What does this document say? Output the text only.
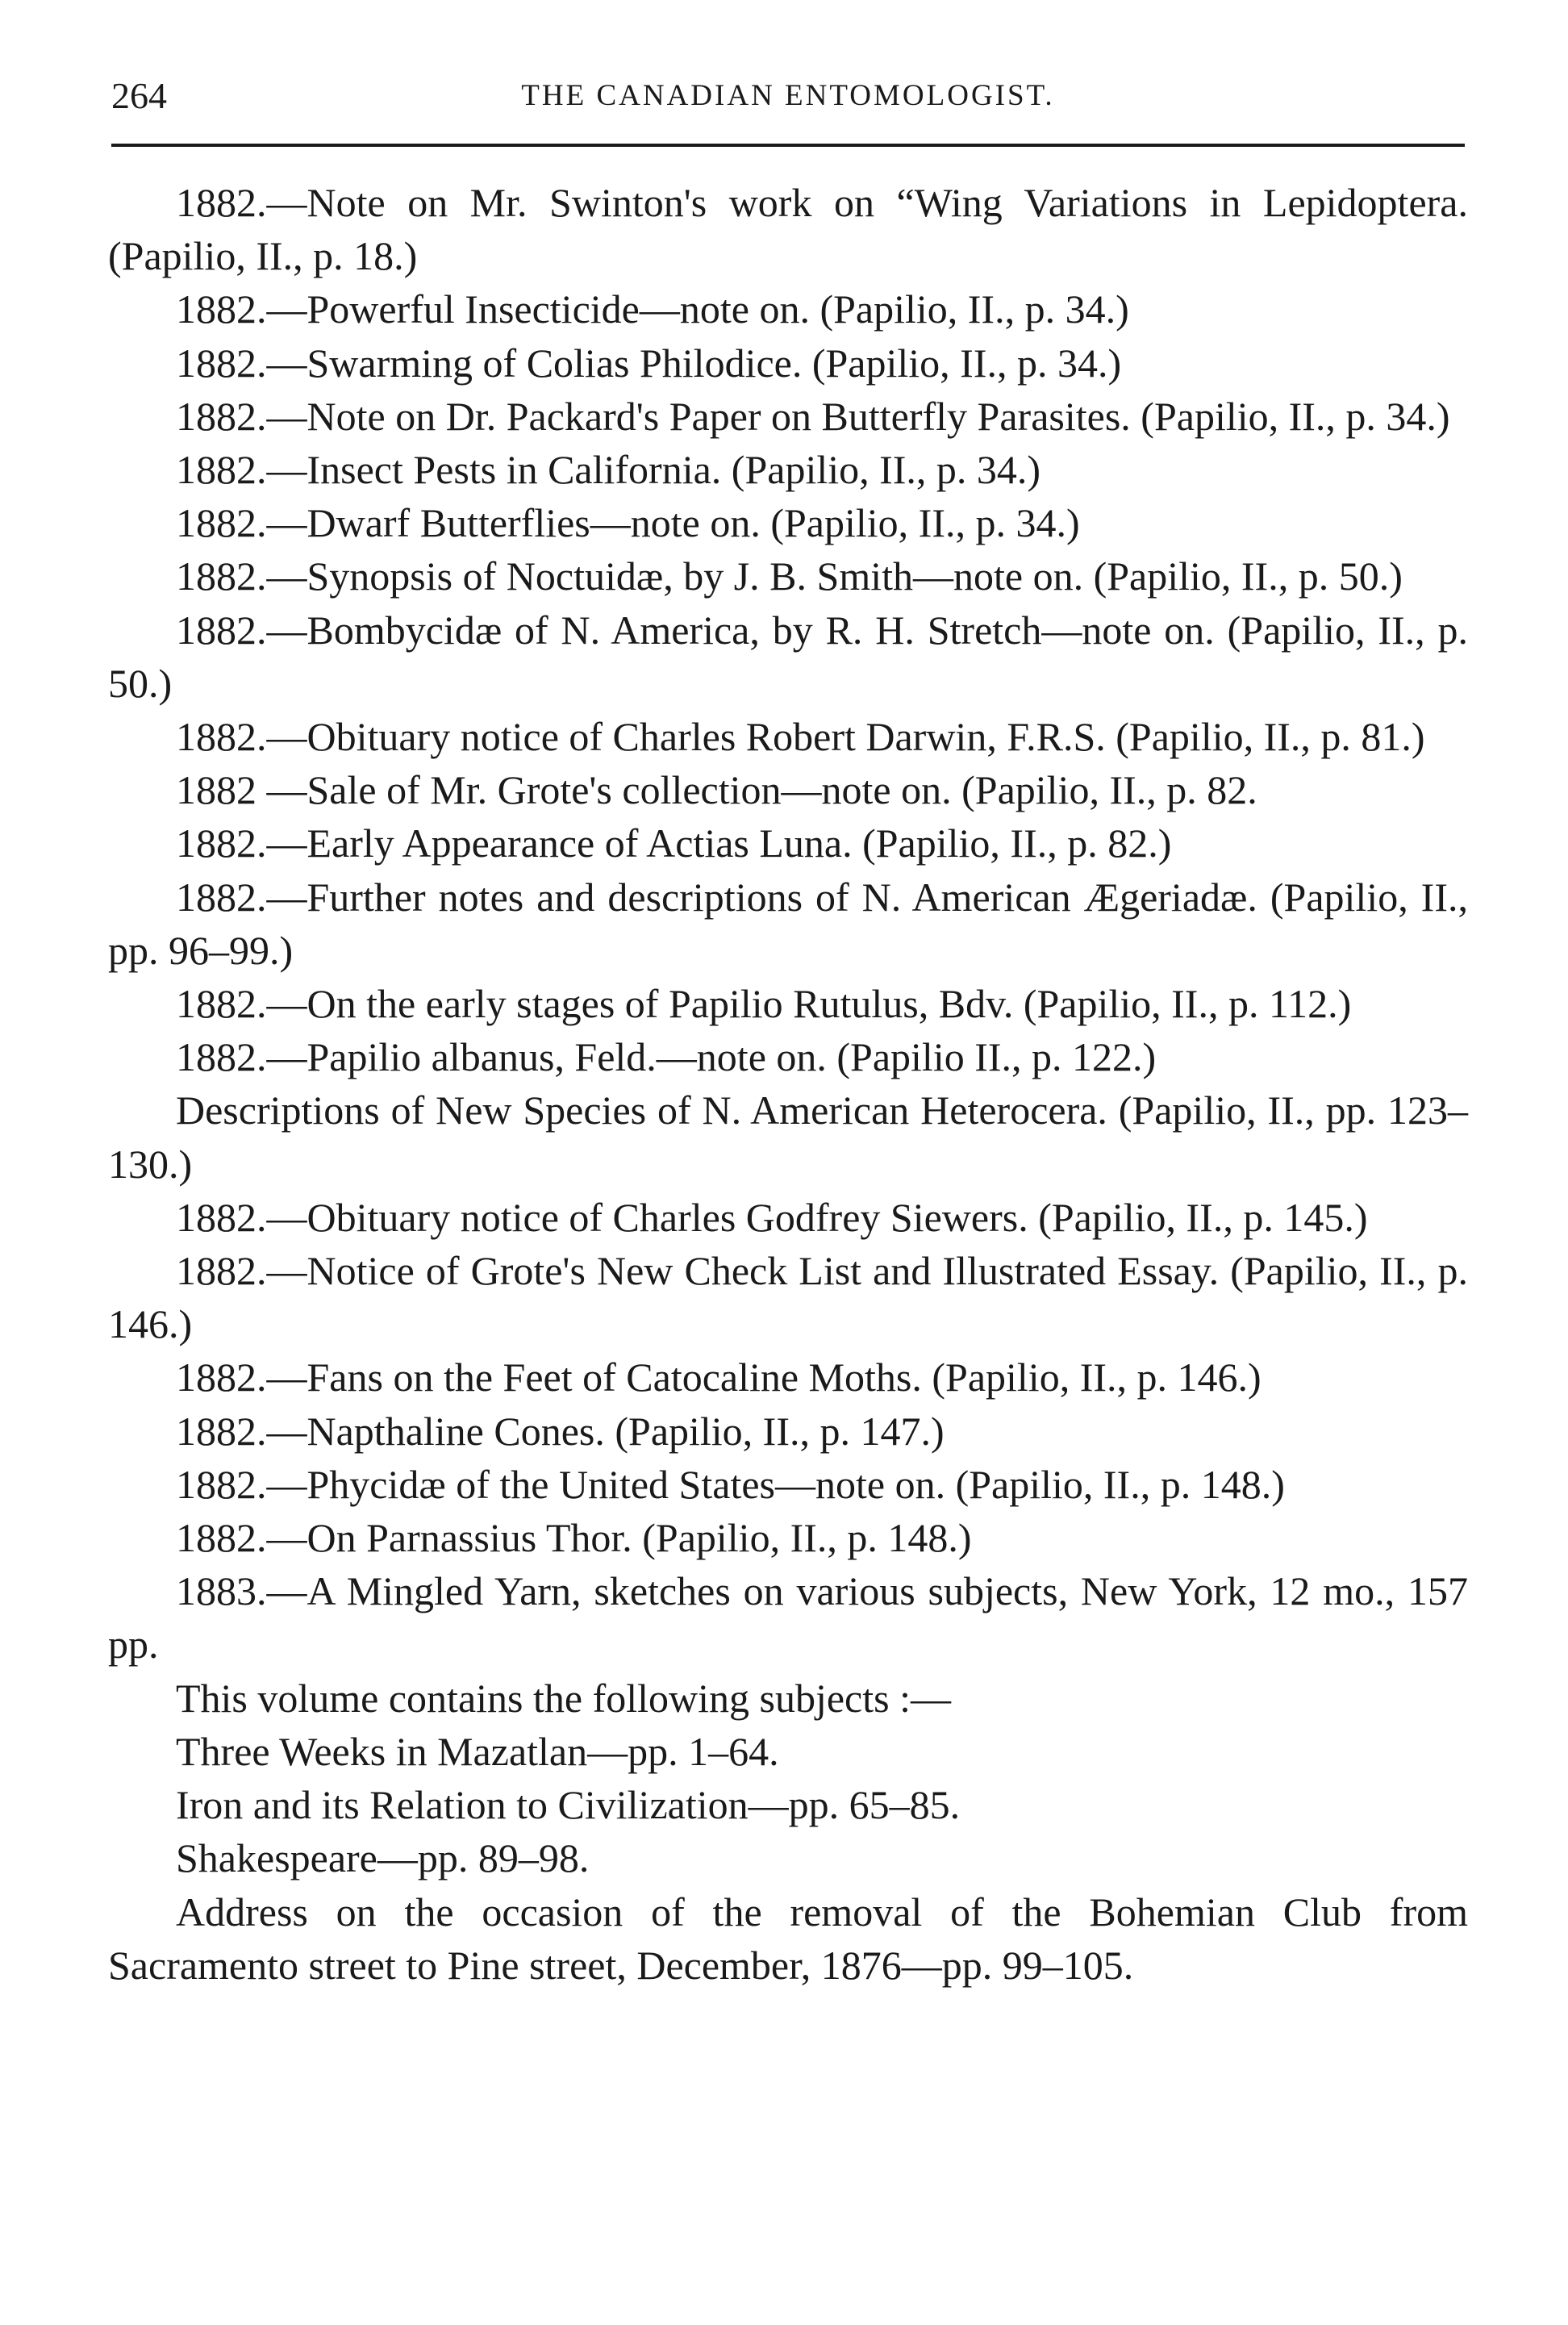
264	THE CANADIAN ENTOMOLOGIST.

1882.—Note on Mr. Swinton's work on “Wing Variations in Lepidoptera. (Papilio, II., p. 18.)

1882.—Powerful Insecticide—note on. (Papilio, II., p. 34.)

1882.—Swarming of Colias Philodice. (Papilio, II., p. 34.)

1882.—Note on Dr. Packard's Paper on Butterfly Parasites. (Papilio, II., p. 34.)

1882.—Insect Pests in California. (Papilio, II., p. 34.)

1882.—Dwarf Butterflies—note on. (Papilio, II., p. 34.)

1882.—Synopsis of Noctuidæ, by J. B. Smith—note on. (Papilio, II., p. 50.)

1882.—Bombycidæ of N. America, by R. H. Stretch—note on. (Papilio, II., p. 50.)

1882.—Obituary notice of Charles Robert Darwin, F.R.S. (Papilio, II., p. 81.)

1882 —Sale of Mr. Grote's collection—note on. (Papilio, II., p. 82.

1882.—Early Appearance of Actias Luna. (Papilio, II., p. 82.)

1882.—Further notes and descriptions of N. American Ægeriadæ. (Papilio, II., pp. 96–99.)

1882.—On the early stages of Papilio Rutulus, Bdv. (Papilio, II., p. 112.)

1882.—Papilio albanus, Feld.—note on. (Papilio II., p. 122.)

Descriptions of New Species of N. American Heterocera. (Papilio, II., pp. 123–130.)

1882.—Obituary notice of Charles Godfrey Siewers. (Papilio, II., p. 145.)

1882.—Notice of Grote's New Check List and Illustrated Essay. (Papilio, II., p. 146.)

1882.—Fans on the Feet of Catocaline Moths. (Papilio, II., p. 146.)

1882.—Napthaline Cones. (Papilio, II., p. 147.)

1882.—Phycidæ of the United States—note on. (Papilio, II., p. 148.)

1882.—On Parnassius Thor. (Papilio, II., p. 148.)

1883.—A Mingled Yarn, sketches on various subjects, New York, 12 mo., 157 pp.

This volume contains the following subjects :—

Three Weeks in Mazatlan—pp. 1–64.

Iron and its Relation to Civilization—pp. 65–85.

Shakespeare—pp. 89–98.

Address on the occasion of the removal of the Bohemian Club from Sacramento street to Pine street, December, 1876—pp. 99–105.
